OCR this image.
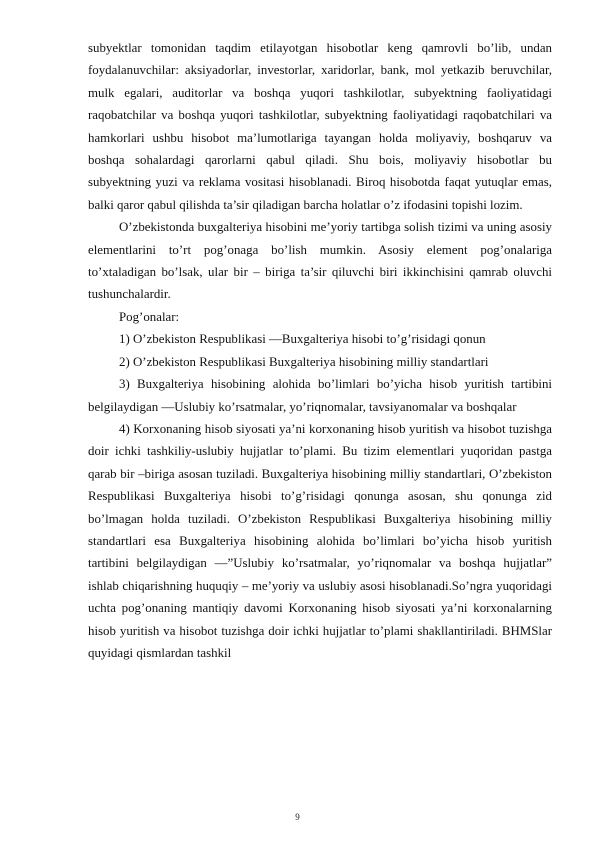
subyektlar tomonidan taqdim etilayotgan hisobotlar keng qamrovli bo’lib, undan foydalanuvchilar: aksiyadorlar, investorlar, xaridorlar, bank, mol yetkazib beruvchilar, mulk egalari, auditorlar va boshqa yuqori tashkilotlar, subyektning faoliyatidagi raqobatchilar va boshqa yuqori tashkilotlar, subyektning faoliyatidagi raqobatchilari va hamkorlari ushbu hisobot ma’lumotlariga tayangan holda moliyaviy, boshqaruv va boshqa sohalardagi qarorlarni qabul qiladi. Shu bois, moliyaviy hisobotlar bu subyektning yuzi va reklama vositasi hisoblanadi. Biroq hisobotda faqat yutuqlar emas, balki qaror qabul qilishda ta’sir qiladigan barcha holatlar o’z ifodasini topishi lozim.

O’zbekistonda buxgalteriya hisobini me’yoriy tartibga solish tizimi va uning asosiy elementlarini to’rt pog’onaga bo’lish mumkin. Asosiy element pog’onalariga to’xtaladigan bo’lsak, ular bir – biriga ta’sir qiluvchi biri ikkinchisini qamrab oluvchi tushunchalardir.

Pog’onalar:

1) O’zbekiston Respublikasi —Buxgalteriya hisobi to’g’risidagi qonun

2) O’zbekiston Respublikasi Buxgalteriya hisobining milliy standartlari

3) Buxgalteriya hisobining alohida bo’limlari bo’yicha hisob yuritish tartibini belgilaydigan —Uslubiy ko’rsatmalar, yo’riqnomalar, tavsiyanomalar va boshqalar

4) Korxonaning hisob siyosati ya’ni korxonaning hisob yuritish va hisobot tuzishga doir ichki tashkiliy-uslubiy hujjatlar to’plami. Bu tizim elementlari yuqoridan pastga qarab bir –biriga asosan tuziladi. Buxgalteriya hisobining milliy standartlari, O’zbekiston Respublikasi Buxgalteriya hisobi to’g’risidagi qonunga asosan, shu qonunga zid bo’lmagan holda tuziladi. O’zbekiston Respublikasi Buxgalteriya hisobining milliy standartlari esa Buxgalteriya hisobining alohida bo’limlari bo’yicha hisob yuritish tartibini belgilaydigan —”Uslubiy ko’rsatmalar, yo’riqnomalar va boshqa hujjatlar” ishlab chiqarishning huquqiy – me’yoriy va uslubiy asosi hisoblanadi.So’ngra yuqoridagi uchta pog’onaning mantiqiy davomi Korxonaning hisob siyosati ya’ni korxonalarning hisob yuritish va hisobot tuzishga doir ichki hujjatlar to’plami shakllantiriladi. BHMSlar quyidagi qismlardan tashkil

9
